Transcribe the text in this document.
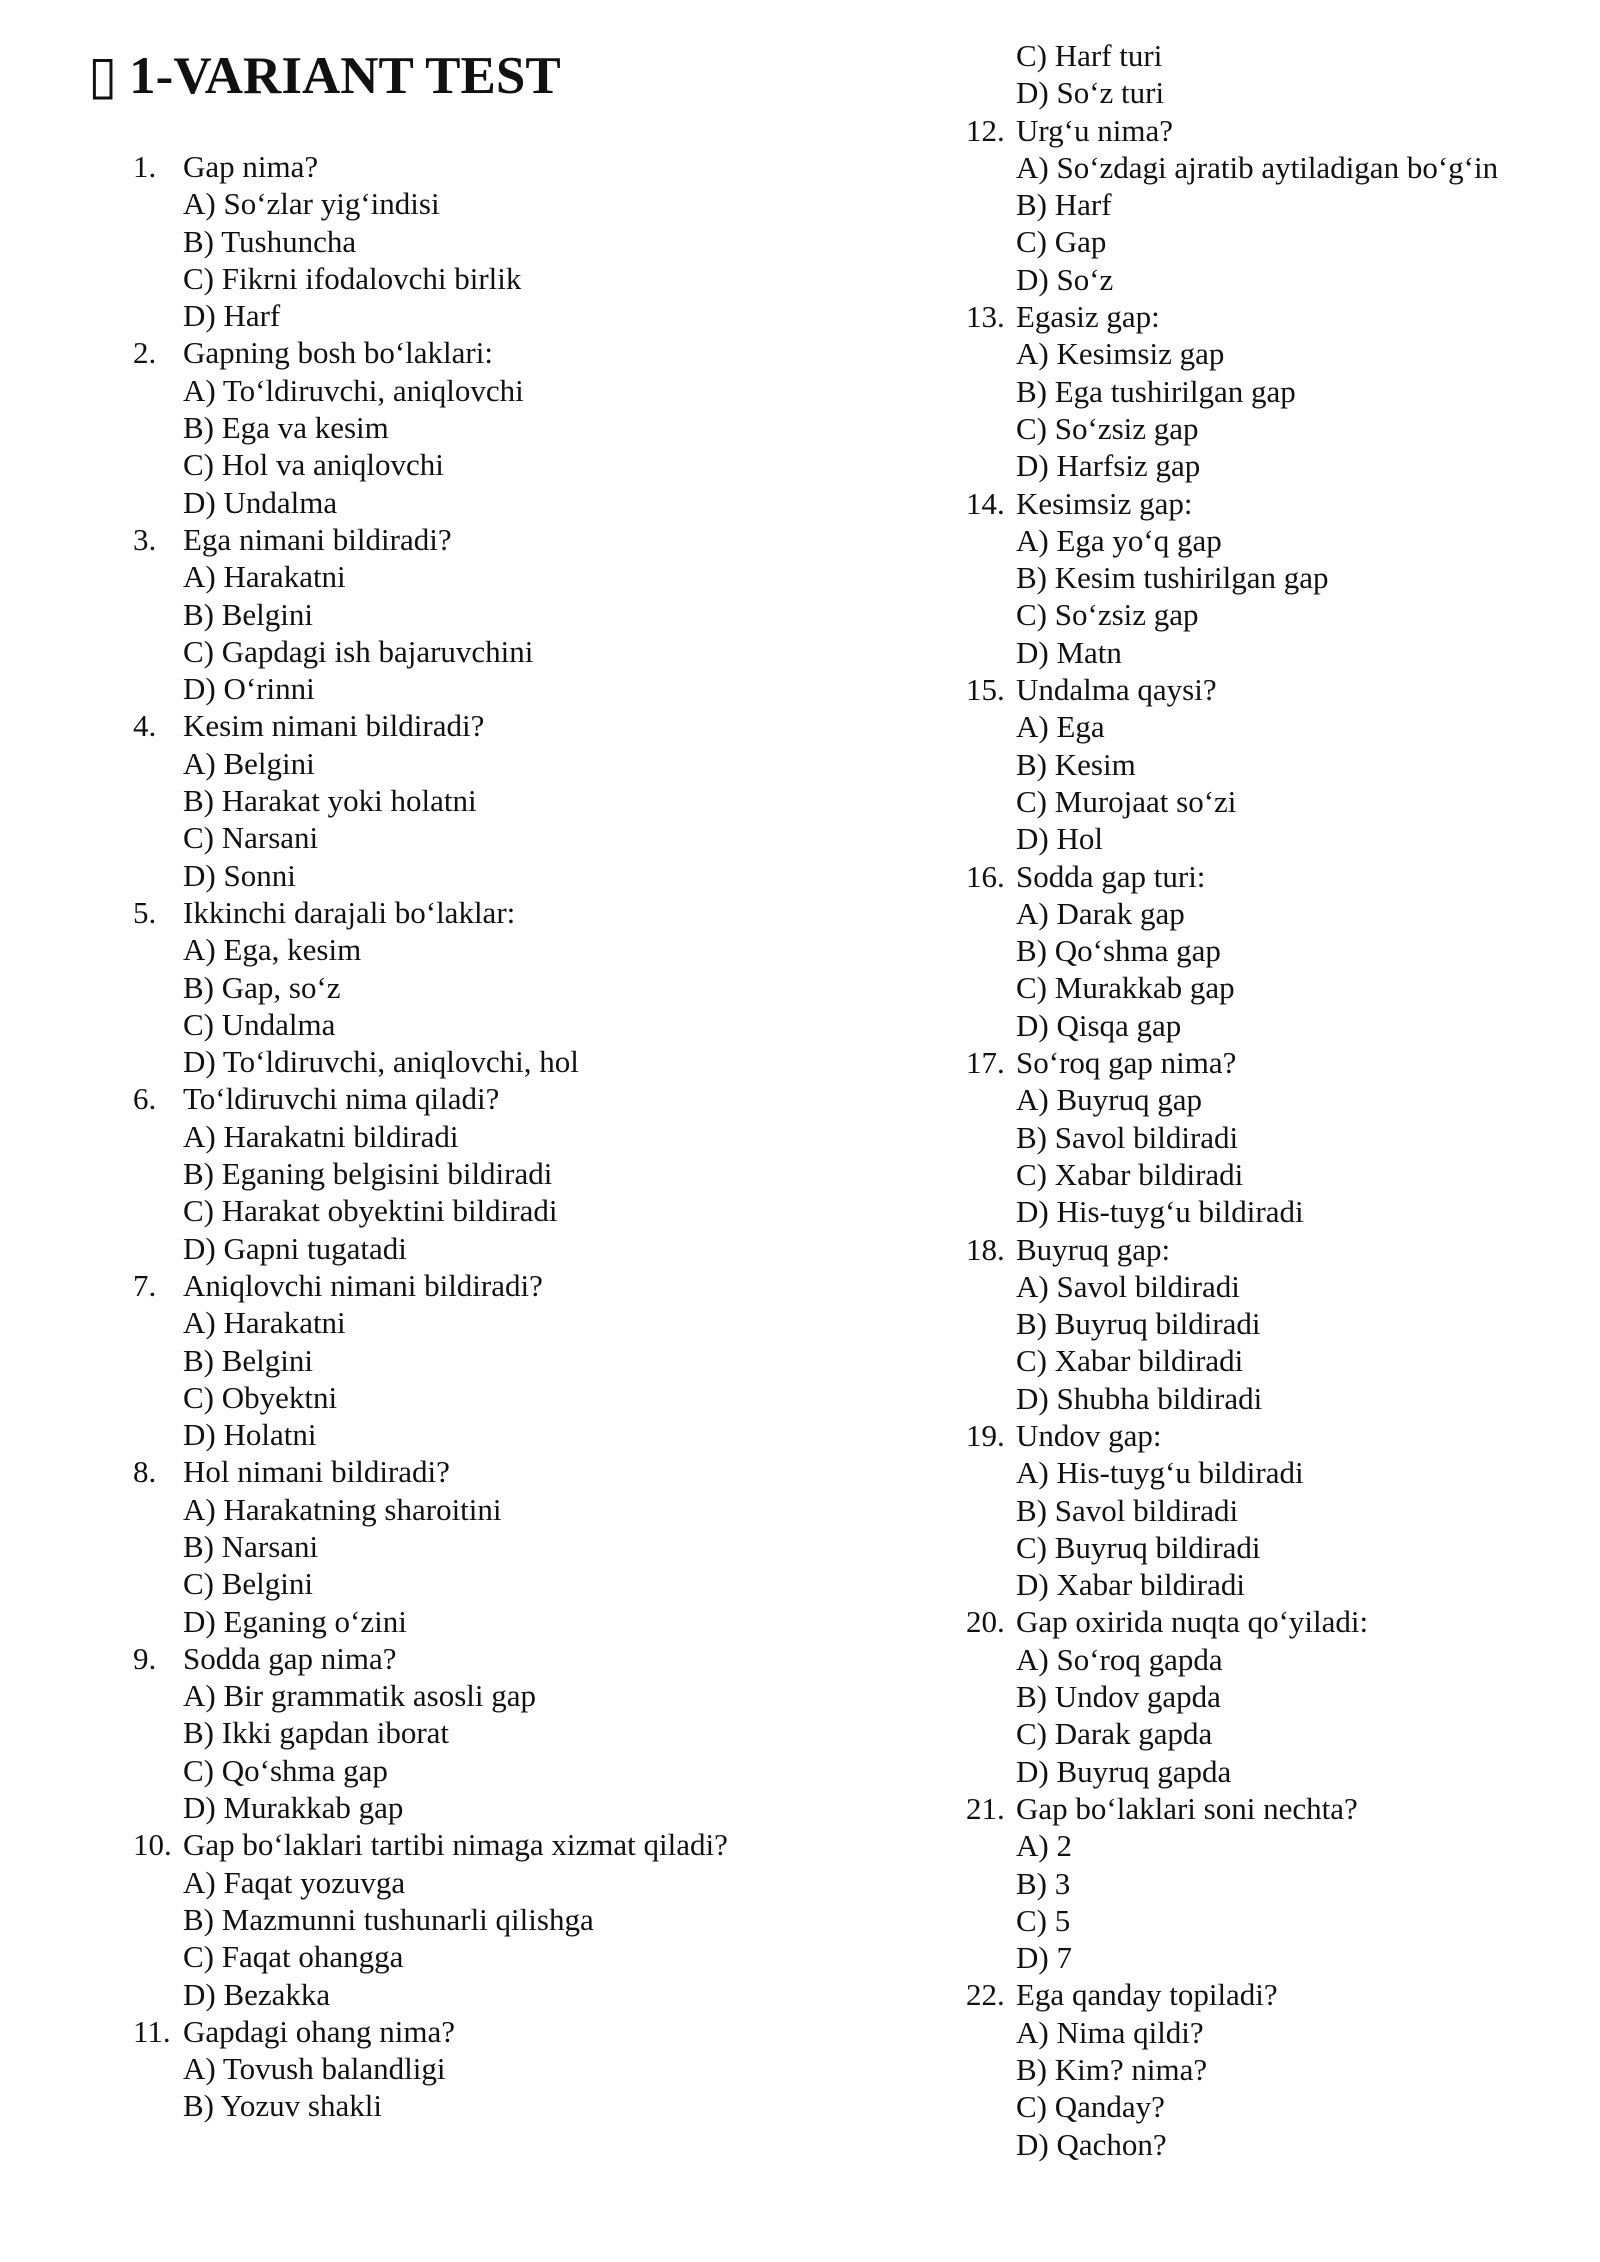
▯ 1-VARIANT TEST
1. Gap nima?
A) So‘zlar yig‘indisi
B) Tushuncha
C) Fikrni ifodalovchi birlik
D) Harf
2. Gapning bosh bo‘laklari:
A) To‘ldiruvchi, aniqlovchi
B) Ega va kesim
C) Hol va aniqlovchi
D) Undalma
3. Ega nimani bildiradi?
A) Harakatni
B) Belgini
C) Gapdagi ish bajaruvchini
D) O‘rinni
4. Kesim nimani bildiradi?
A) Belgini
B) Harakat yoki holatni
C) Narsani
D) Sonni
5. Ikkinchi darajali bo‘laklar:
A) Ega, kesim
B) Gap, so‘z
C) Undalma
D) To‘ldiruvchi, aniqlovchi, hol
6. To‘ldiruvchi nima qiladi?
A) Harakatni bildiradi
B) Eganing belgisini bildiradi
C) Harakat obyektini bildiradi
D) Gapni tugatadi
7. Aniqlovchi nimani bildiradi?
A) Harakatni
B) Belgini
C) Obyektni
D) Holatni
8. Hol nimani bildiradi?
A) Harakatning sharoitini
B) Narsani
C) Belgini
D) Eganing o‘zini
9. Sodda gap nima?
A) Bir grammatik asosli gap
B) Ikki gapdan iborat
C) Qo‘shma gap
D) Murakkab gap
10. Gap bo‘laklari tartibi nimaga xizmat qiladi?
A) Faqat yozuvga
B) Mazmunni tushunarli qilishga
C) Faqat ohangga
D) Bezakka
11. Gapdagi ohang nima?
A) Tovush balandligi
B) Yozuv shakli
C) Harf turi
D) So‘z turi
12. Urg‘u nima?
A) So‘zdagi ajratib aytiladigan bo‘g‘in
B) Harf
C) Gap
D) So‘z
13. Egasiz gap:
A) Kesimsiz gap
B) Ega tushirilgan gap
C) So‘zsiz gap
D) Harfsiz gap
14. Kesimsiz gap:
A) Ega yo‘q gap
B) Kesim tushirilgan gap
C) So‘zsiz gap
D) Matn
15. Undalma qaysi?
A) Ega
B) Kesim
C) Murojaat so‘zi
D) Hol
16. Sodda gap turi:
A) Darak gap
B) Qo‘shma gap
C) Murakkab gap
D) Qisqa gap
17. So‘roq gap nima?
A) Buyruq gap
B) Savol bildiradi
C) Xabar bildiradi
D) His-tuyg‘u bildiradi
18. Buyruq gap:
A) Savol bildiradi
B) Buyruq bildiradi
C) Xabar bildiradi
D) Shubha bildiradi
19. Undov gap:
A) His-tuyg‘u bildiradi
B) Savol bildiradi
C) Buyruq bildiradi
D) Xabar bildiradi
20. Gap oxirida nuqta qo‘yiladi:
A) So‘roq gapda
B) Undov gapda
C) Darak gapda
D) Buyruq gapda
21. Gap bo‘laklari soni nechta?
A) 2
B) 3
C) 5
D) 7
22. Ega qanday topiladi?
A) Nima qildi?
B) Kim? nima?
C) Qanday?
D) Qachon?
